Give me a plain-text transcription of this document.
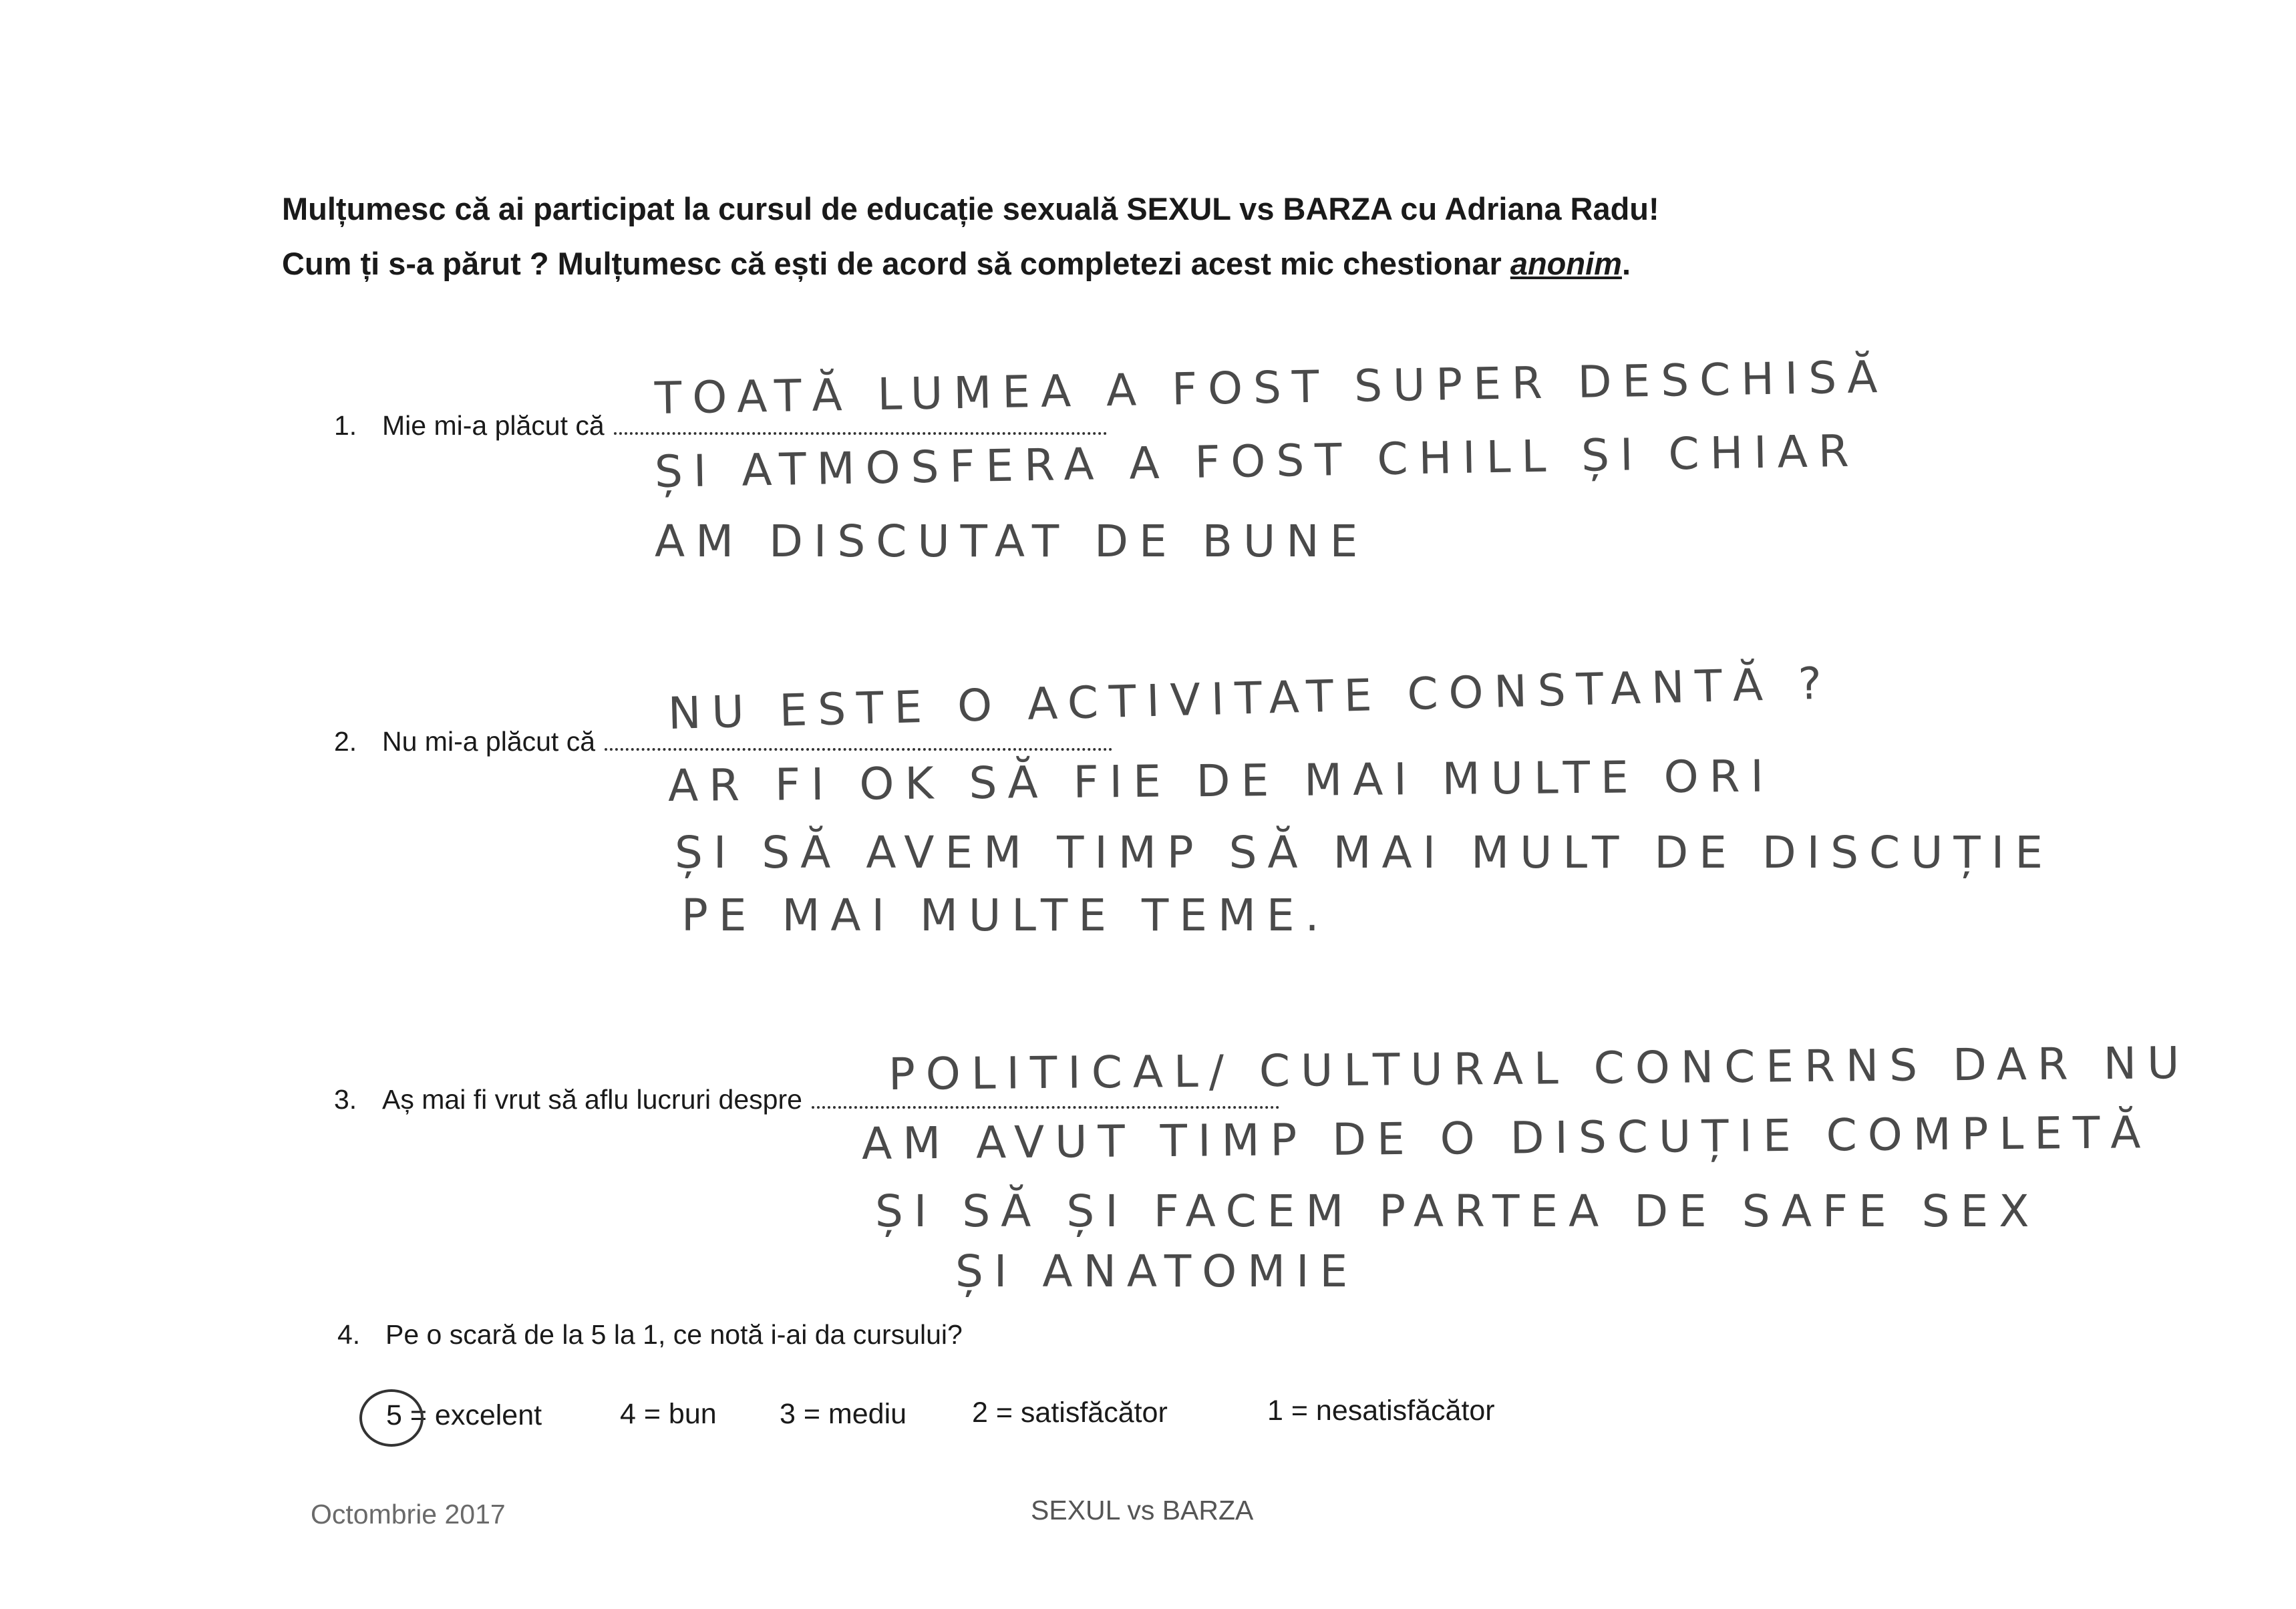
Mulțumesc că ai participat la cursul de educație sexuală SEXUL vs BARZA cu Adriana Radu!
Cum ți s-a părut ? Mulțumesc că ești de acord să completezi acest mic chestionar anonim.
1. Mie mi-a plăcut că
TOATĂ LUMEA A FOST SUPER DESCHISĂ
ȘI ATMOSFERA A FOST CHILL ȘI CHIAR
AM DISCUTAT DE BUNE
2. Nu mi-a plăcut că
NU ESTE O ACTIVITATE CONSTANTĂ ?
AR FI OK SĂ FIE DE MAI MULTE ORI
ȘI SĂ AVEM TIMP SĂ MAI MULT DE DISCUȚIE
PE MAI MULTE TEME.
3. Aș mai fi vrut să aflu lucruri despre	POLITICAL/ CULTURAL CONCERNS DAR NU
AM AVUT TIMP DE O DISCUȚIE COMPLETĂ
ȘI SĂ ȘI FACEM PARTEA DE SAFE SEX
ȘI ANATOMIE
4. Pe o scară de la 5 la 1, ce notă i-ai da cursului?
5 = excelent	4 = bun 3 = mediu 2 = satisfăcător	1 = nesatisfăcător
Octombrie 2017	SEXUL vs BARZA
